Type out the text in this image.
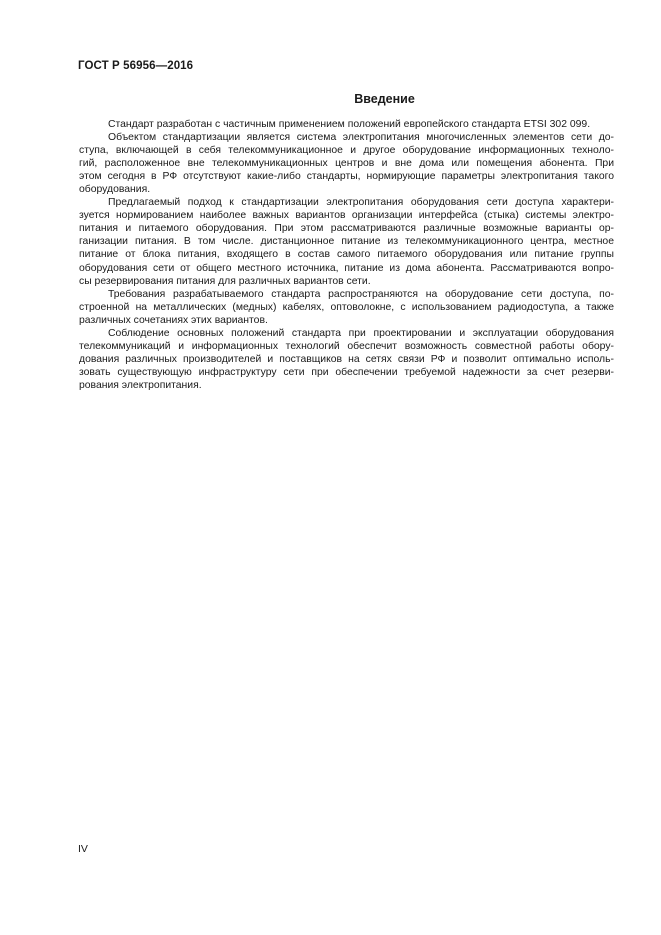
ГОСТ Р 56956—2016
Введение
Стандарт разработан с частичным применением положений европейского стандарта ETSI 302 099.
Объектом стандартизации является система электропитания многочисленных элементов сети до-
ступа, включающей в себя телекоммуникационное и другое оборудование информационных техноло-
гий, расположенное вне телекоммуникационных центров и вне дома или помещения абонента. При
этом сегодня в РФ отсутствуют какие-либо стандарты, нормирующие параметры электропитания такого
оборудования.
Предлагаемый подход к стандартизации электропитания оборудования сети доступа характери-
зуется нормированием наиболее важных вариантов организации интерфейса (стыка) системы электро-
питания и питаемого оборудования. При этом рассматриваются различные возможные варианты ор-
ганизации питания. В том числе. дистанционное питание из телекоммуникационного центра, местное
питание от блока питания, входящего в состав самого питаемого оборудования или питание группы
оборудования сети от общего местного источника, питание из дома абонента. Рассматриваются вопро-
сы резервирования питания для различных вариантов сети.
Требования разрабатываемого стандарта распространяются на оборудование сети доступа, по-
строенной на металлических (медных) кабелях, оптоволокне, с использованием радиодоступа, а также
различных сочетаниях этих вариантов.
Соблюдение основных положений стандарта при проектировании и эксплуатации оборудования
телекоммуникаций и информационных технологий обеспечит возможность совместной работы обору-
дования различных производителей и поставщиков на сетях связи РФ и позволит оптимально исполь-
зовать существующую инфраструктуру сети при обеспечении требуемой надежности за счет резерви-
рования электропитания.
IV
